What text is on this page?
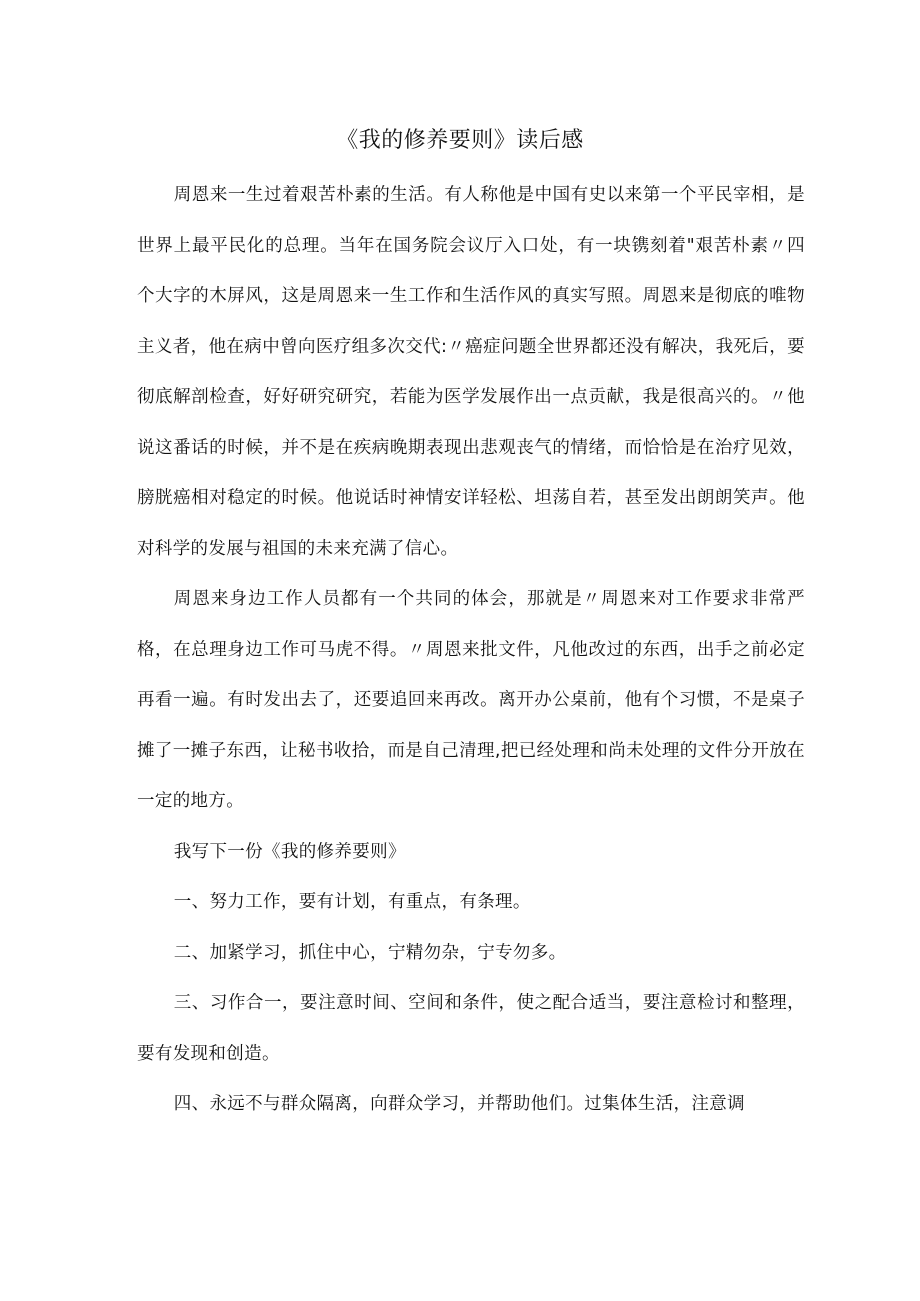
《我的修养要则》读后感

周恩来一生过着艰苦朴素的生活。有人称他是中国有史以来第一个平民宰相，是世界上最平民化的总理。当年在国务院会议厅入口处，有一块镌刻着"艰苦朴素〃四个大字的木屏风，这是周恩来一生工作和生活作风的真实写照。周恩来是彻底的唯物主义者，他在病中曾向医疗组多次交代:〃癌症问题全世界都还没有解决，我死后，要彻底解剖检查，好好研究研究，若能为医学发展作出一点贡献，我是很高兴的。〃他说这番话的时候，并不是在疾病晚期表现出悲观丧气的情绪，而恰恰是在治疗见效，膀胱癌相对稳定的时候。他说话时神情安详轻松、坦荡自若，甚至发出朗朗笑声。他对科学的发展与祖国的未来充满了信心。

周恩来身边工作人员都有一个共同的体会，那就是〃周恩来对工作要求非常严格，在总理身边工作可马虎不得。〃周恩来批文件，凡他改过的东西，出手之前必定再看一遍。有时发出去了，还要追回来再改。离开办公桌前，他有个习惯，不是桌子摊了一摊子东西，让秘书收拾，而是自己清理,把已经处理和尚未处理的文件分开放在一定的地方。

我写下一份《我的修养要则》

一、努力工作，要有计划，有重点，有条理。

二、加紧学习，抓住中心，宁精勿杂，宁专勿多。

三、习作合一，要注意时间、空间和条件，使之配合适当，要注意检讨和整理，要有发现和创造。

四、永远不与群众隔离，向群众学习，并帮助他们。过集体生活，注意调
